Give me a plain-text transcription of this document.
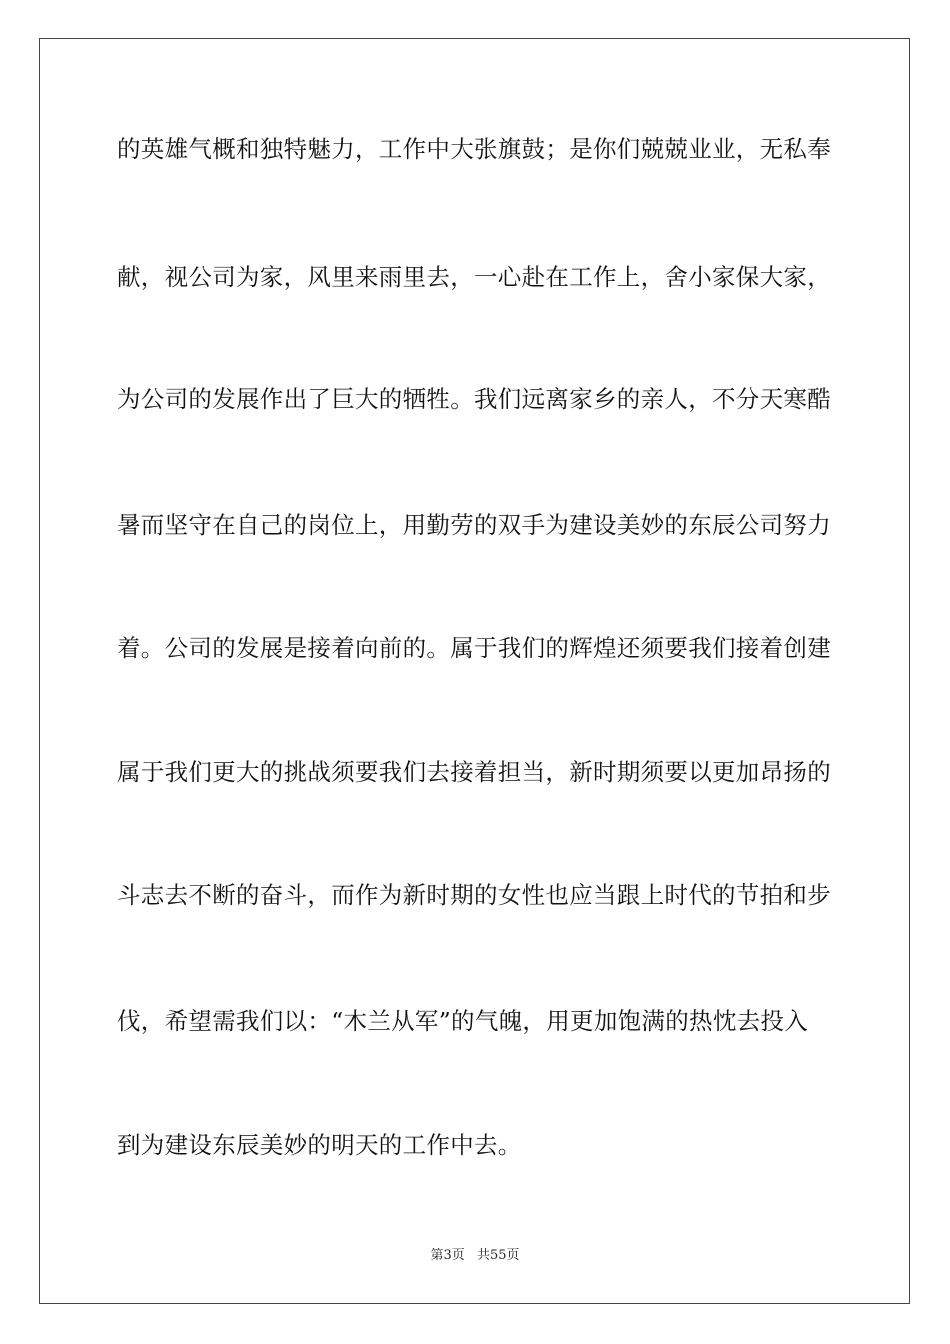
的英雄气概和独特魅力，工作中大张旗鼓；是你们兢兢业业，无私奉
献，视公司为家，风里来雨里去，一心赴在工作上，舍小家保大家，
为公司的发展作出了巨大的牺牲。我们远离家乡的亲人，不分天寒酷
暑而坚守在自己的岗位上，用勤劳的双手为建设美妙的东辰公司努力
着。公司的发展是接着向前的。属于我们的辉煌还须要我们接着创建
属于我们更大的挑战须要我们去接着担当，新时期须要以更加昂扬的
斗志去不断的奋斗，而作为新时期的女性也应当跟上时代的节拍和步
伐，希望需我们以：“木兰从军”的气魄，用更加饱满的热忱去投入
到为建设东辰美妙的明天的工作中去。
第3页 共55页
